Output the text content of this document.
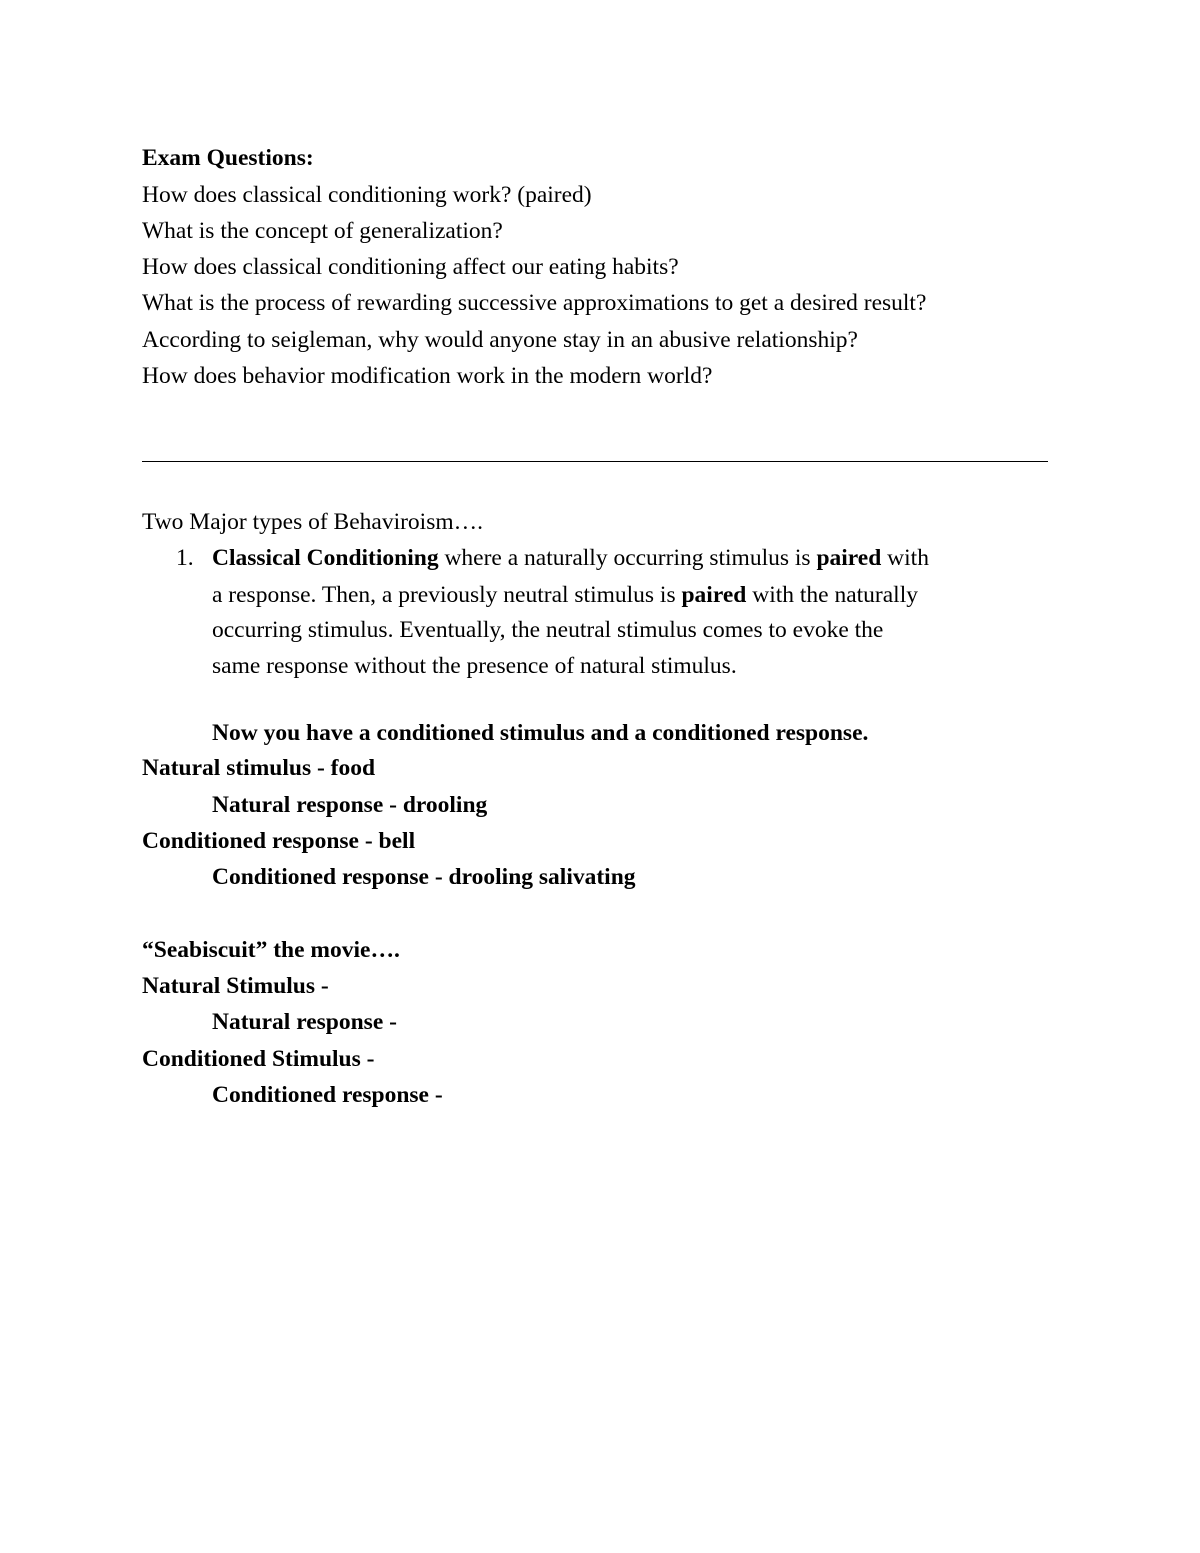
Exam Questions:
How does classical conditioning work? (paired)
What is the concept of generalization?
How does classical conditioning affect our eating habits?
What is the process of rewarding successive approximations to get a desired result?
According to seigleman, why would anyone stay in an abusive relationship?
How does behavior modification work in the modern world?
Two Major types of Behaviroism….
1. Classical Conditioning where a naturally occurring stimulus is paired with
a response. Then, a previously neutral stimulus is paired with the naturally
occurring stimulus. Eventually, the neutral stimulus comes to evoke the
same response without the presence of natural stimulus.
Now you have a conditioned stimulus and a conditioned response.
Natural stimulus - food
Natural response - drooling
Conditioned response - bell
Conditioned response - drooling salivating
“Seabiscuit” the movie….
Natural Stimulus -
Natural response -
Conditioned Stimulus -
Conditioned response -
